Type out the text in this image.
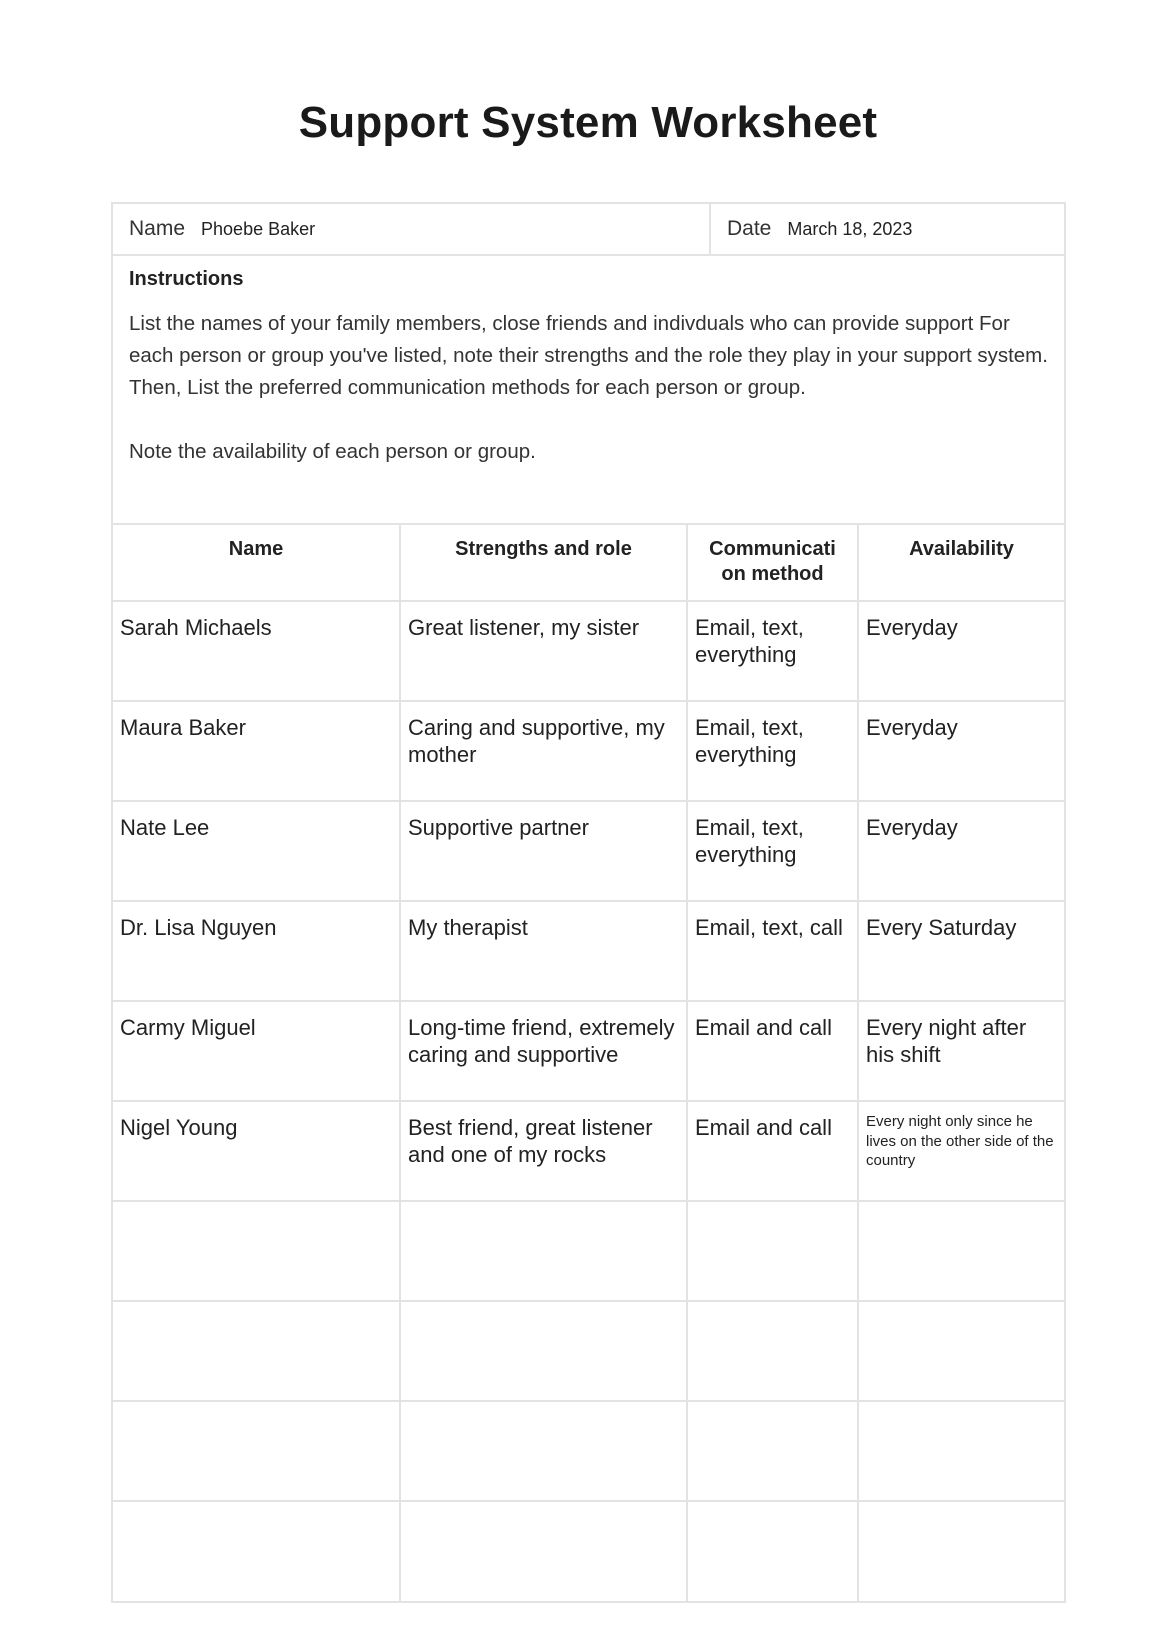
Support System Worksheet
Name Phoebe Baker	Date March 18, 2023
Instructions

List the names of your family members, close friends and indivduals who can provide support For each person or group you've listed, note their strengths and the role they play in your support system. Then, List the preferred communication methods for each person or group.

Note the availability of each person or group.

Name	Strengths and role	Communicati on method	Availability
Sarah Michaels	Great listener, my sister	Email, text, everything	Everyday
Maura Baker	Caring and supportive, my mother	Email, text, everything	Everyday
Nate Lee	Supportive partner	Email, text, everything	Everyday
Dr. Lisa Nguyen	My therapist	Email, text, call	Every Saturday
Carmy Miguel	Long-time friend, extremely caring and supportive	Email and call	Every night after his shift
Nigel Young	Best friend, great listener and one of my rocks	Email and call	Every night only since he lives on the other side of the country
